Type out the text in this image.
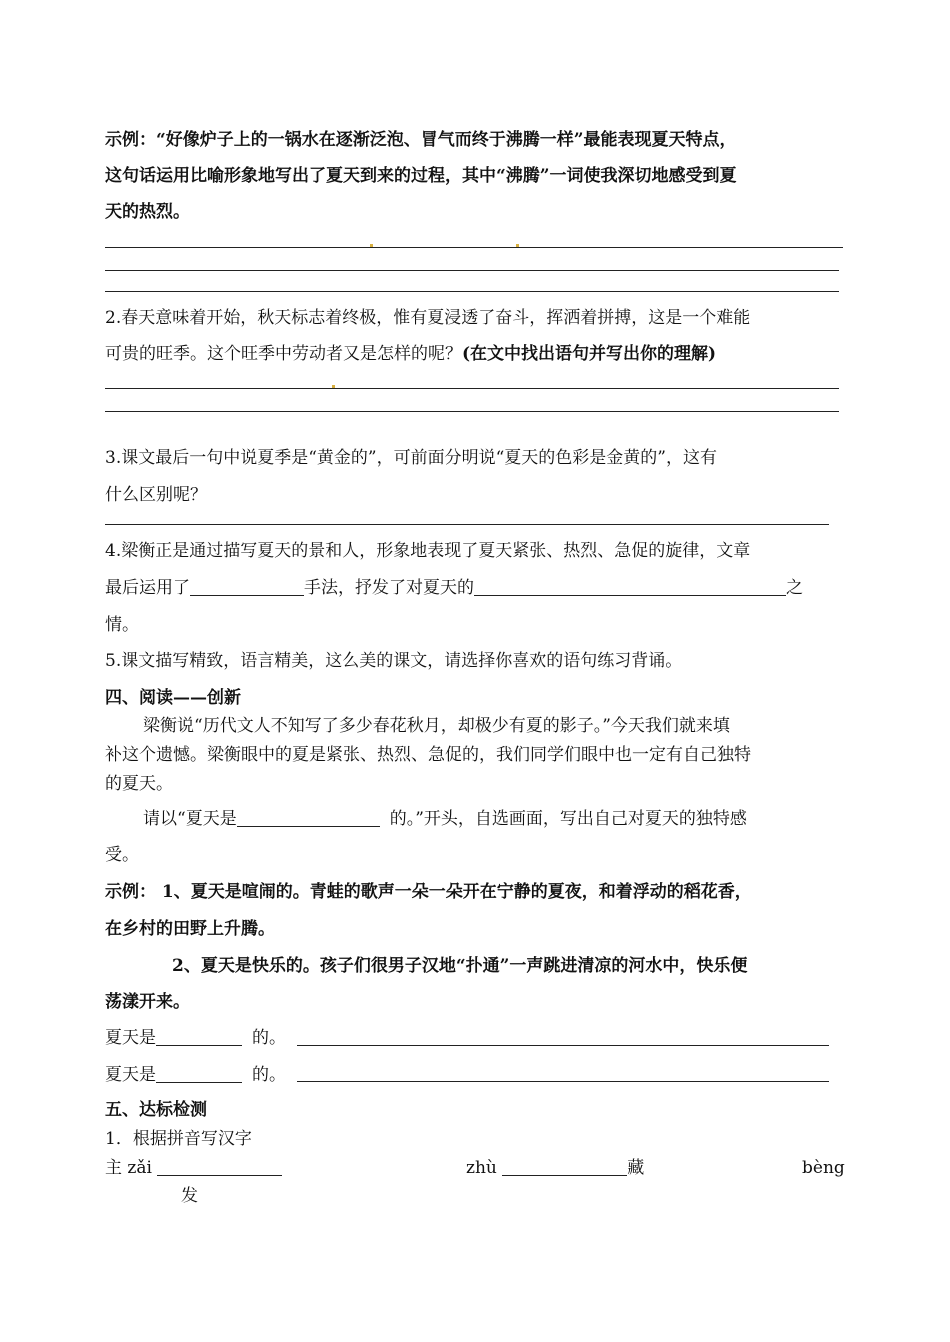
示例：“好像炉子上的一锅水在逐渐泛泡、冒气而终于沸腾一样”最能表现夏天特点，
这句话运用比喻形象地写出了夏天到来的过程，其中“沸腾”一词使我深切地感受到夏
天的热烈。
2.春天意味着开始，秋天标志着终极，惟有夏浸透了奋斗，挥洒着拼搏，这是一个难能
可贵的旺季。这个旺季中劳动者又是怎样的呢？(在文中找出语句并写出你的理解)
3.课文最后一句中说夏季是“黄金的”，可前面分明说“夏天的色彩是金黄的”，这有
什么区别呢？
4.梁衡正是通过描写夏天的景和人，形象地表现了夏天紧张、热烈、急促的旋律，文章
最后运用了	手法，抒发了对夏天的	之
情。
5.课文描写精致，语言精美，这么美的课文，请选择你喜欢的语句练习背诵。
四、阅读——创新
梁衡说“历代文人不知写了多少春花秋月，却极少有夏的影子。”今天我们就来填
补这个遗憾。梁衡眼中的夏是紧张、热烈、急促的，我们同学们眼中也一定有自己独特
的夏天。
请以“夏天是	的。”开头，自选画面，写出自己对夏天的独特感
受。
示例： 1、夏天是喧闹的。青蛙的歌声一朵一朵开在宁静的夏夜，和着浮动的稻花香，
在乡村的田野上升腾。
2、夏天是快乐的。孩子们很男子汉地“扑通”一声跳进清凉的河水中，快乐便
荡漾开来。
夏天是	的。
夏天是	的。
五、达标检测
1．根据拼音写汉字
主 zǎi	zhù	藏	bèng
发
